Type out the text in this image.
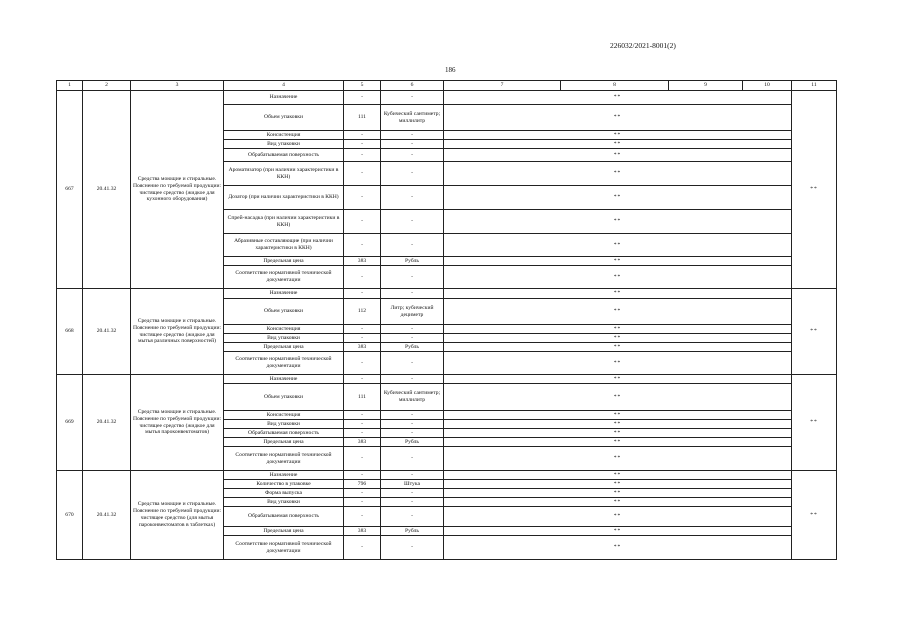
226032/2021-8001(2)
186
1	2	3	4	5	6	7	8	9	10	11
667	20.41.32	Средства моющие и стиральные. Пояснение по требуемой продукции: чистящее средство (жидкое для кухонного оборудования)	Назначение	-	-	**				**
			Объем упаковки	111	Кубический сантиметр; миллилитр	**				
			Консистенция	-	-	**				
			Вид упаковки	-	-	**				
			Обрабатываемая поверхность	-	-	**				
			Ароматизатор (при наличии характеристики в ККН)	-	-	**				
			Дозатор (при наличии характеристики в ККН)	-	-	**				
			Спрей-насадка (при наличии характеристики в ККН)	-	-	**				
			Абразивные составляющие (при наличии характеристики в ККН)	-	-	**				
			Предельная цена	383	Рубль	**				
			Соответствие нормативной технической документации	-	-	**				
668	20.41.32	Средства моющие и стиральные. Пояснение по требуемой продукции: чистящее средство (жидкое для мытья различных поверхностей)	Назначение	-	-	**				**
			Объем упаковки	112	Литр; кубический дециметр	**				
			Консистенция	-	-	**				
			Вид упаковки	-	-	**				
			Предельная цена	383	Рубль	**				
			Соответствие нормативной технической документации	-	-	**				
669	20.41.32	Средства моющие и стиральные. Пояснение по требуемой продукции: чистящее средство (жидкое для мытья пароконвектоматов)	Назначение	-	-	**				**
			Объем упаковки	111	Кубический сантиметр; миллилитр	**				
			Консистенция	-	-	**				
			Вид упаковки	-	-	**				
			Обрабатываемая поверхность	-	-	**				
			Предельная цена	383	Рубль	**				
			Соответствие нормативной технической документации	-	-	**				
670	20.41.32	Средства моющие и стиральные. Пояснение по требуемой продукции: чистящее средство (для мытья пароконвектоматов в таблетках)	Назначение	-	-	**				**
			Количество в упаковке	796	Штука	**				
			Форма выпуска	-	-	**				
			Вид упаковки	-	-	**				
			Обрабатываемая поверхность	-	-	**				
			Предельная цена	383	Рубль	**				
			Соответствие нормативной технической документации	-	-	**				
